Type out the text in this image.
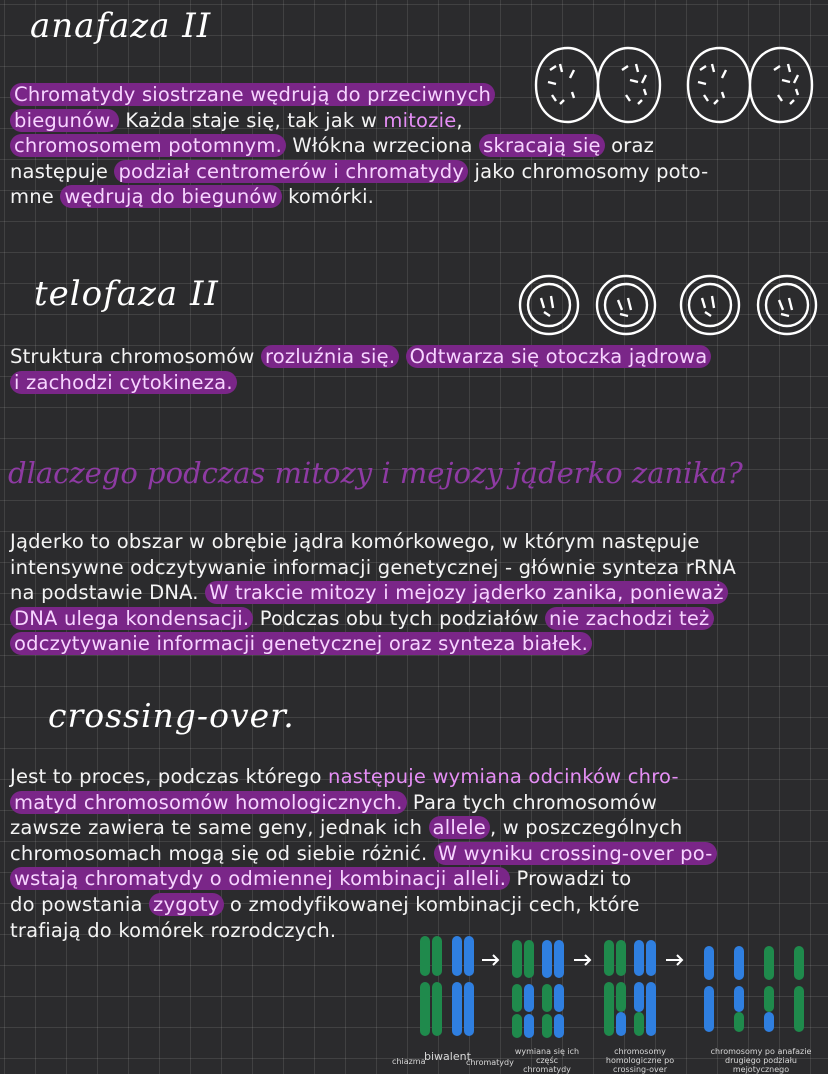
anafaza II
Chromatydy siostrzane wędrują do przeciwnych
biegunów. Każda staje się, tak jak w mitozie,
chromosomem potomnym. Włókna wrzeciona skracają się oraz
następuje podział centromerów i chromatydy jako chromosomy poto-
mne wędrują do biegunów komórki.
telofaza II
Struktura chromosomów rozluźnia się. Odtwarza się otoczka jądrowa
i zachodzi cytokineza.
dlaczego podczas mitozy i mejozy jąderko zanika?
Jąderko to obszar w obrębie jądra komórkowego, w którym następuje
intensywne odczytywanie informacji genetycznej - głównie synteza rRNA
na podstawie DNA. W trakcie mitozy i mejozy jąderko zanika, ponieważ
DNA ulega kondensacji. Podczas obu tych podziałów nie zachodzi też
odczytywanie informacji genetycznej oraz synteza białek.
crossing-over.
Jest to proces, podczas którego następuje wymiana odcinków chro-
matyd chromosomów homologicznych. Para tych chromosomów
zawsze zawiera te same geny, jednak ich allele , w poszczególnych
chromosomach mogą się od siebie różnić. W wyniku crossing-over po-
wstają chromatydy o odmiennej kombinacji alleli. Prowadzi to
do powstania zygoty o zmodyfikowanej kombinacji cech, które
trafiają do komórek rozrodczych.
chiazma
biwalent
chromatydy
wymiana się ich częśc chromatydy
chromosomy homologiczne po crossing-over
chromosomy po anafazie drugiego podziału mejotycznego
